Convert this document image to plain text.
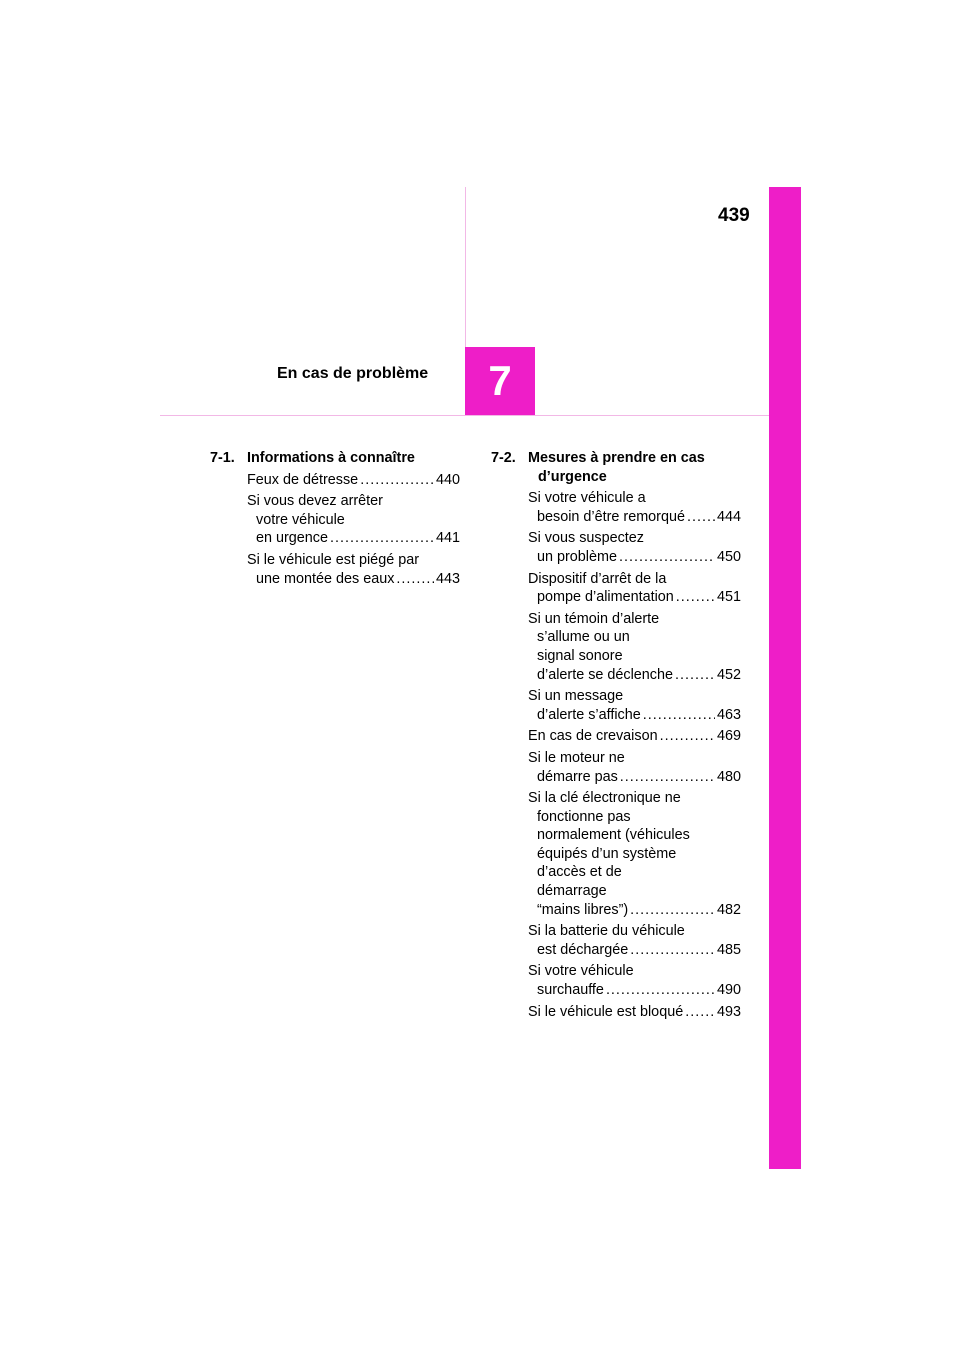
439
En cas de problème 7
7-1. Informations à connaître
Feux de détresse .....	440
Si vous devez arrêter
votre véhicule
en urgence .....	441
Si le véhicule est piégé par
une montée des eaux .....	443
7-2. Mesures à prendre en cas d’urgence
Si votre véhicule a
besoin d’être remorqué ..... 444
Si vous suspectez
un problème .....	450
Dispositif d’arrêt de la
pompe d’alimentation .....	451
Si un témoin d’alerte
s’allume ou un
signal sonore
d’alerte se déclenche .....	452
Si un message
d’alerte s’affiche .....	463
En cas de crevaison .....	469
Si le moteur ne
démarre pas .....	480
Si la clé électronique ne
fonctionne pas
normalement (véhicules
équipés d’un système
d’accès et de
démarrage
“mains libres”) .....	482
Si la batterie du véhicule
est déchargée .....	485
Si votre véhicule
surchauffe .....	490
Si le véhicule est bloqué ..... 493
